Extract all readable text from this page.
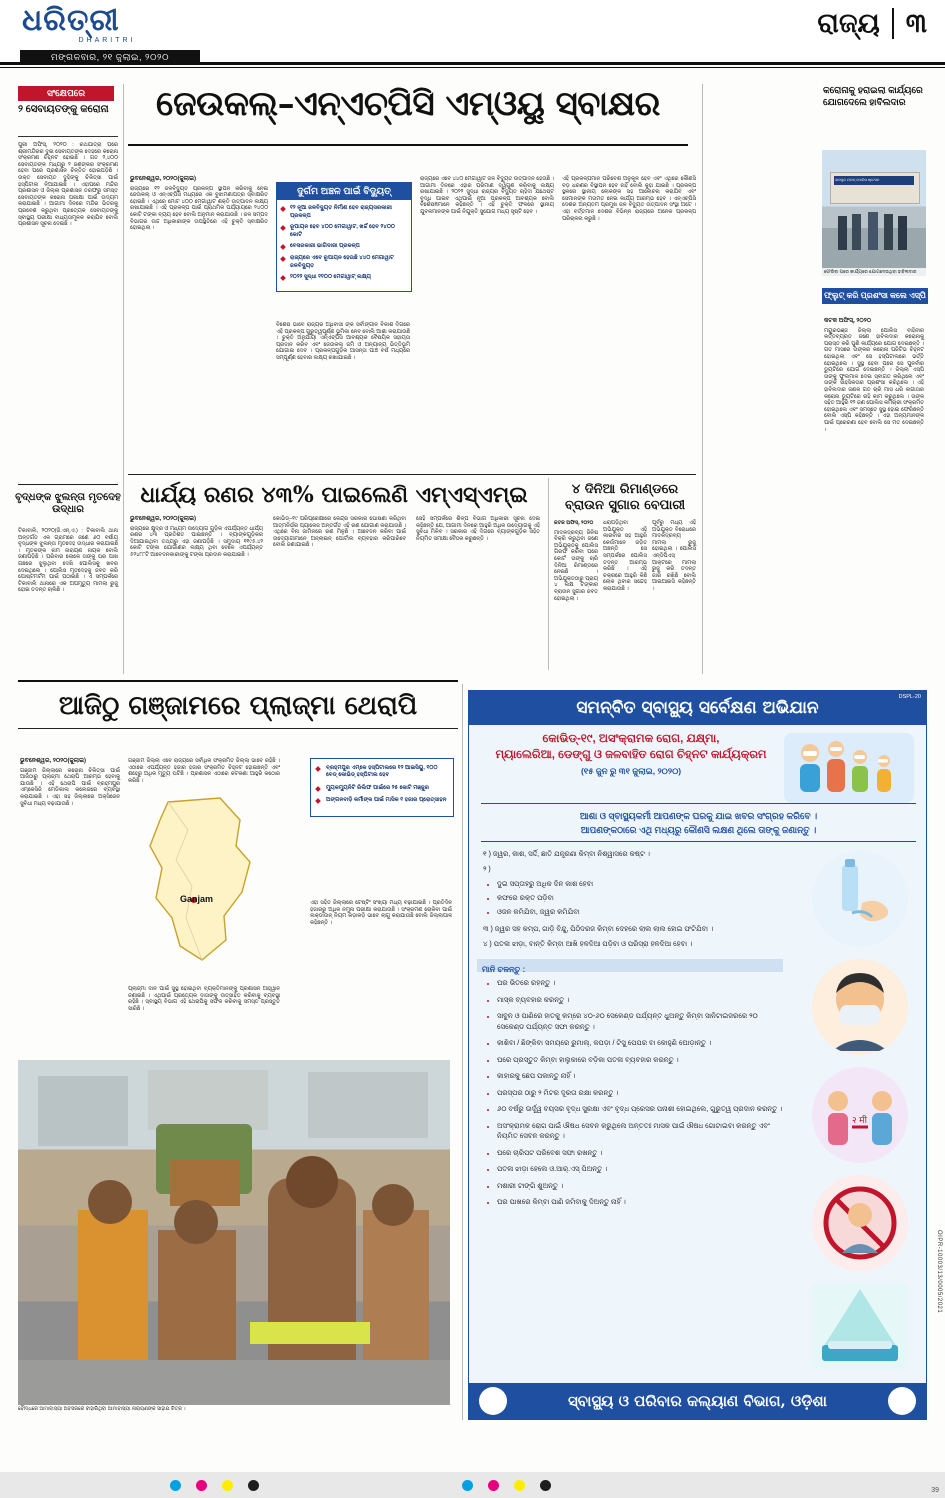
ଧରିତ୍ରୀ
DHARITRI
ମଙ୍ଗଳବାର, ୨୧ ଜୁଲାଇ, ୨୦୨୦
ରାଜ୍ୟ ୩
ସଂକ୍ଷେପରେ
୨ ସେବାୟତଙ୍କୁ କରୋନା

ପୁରୀ ଅଫିସ୍, ୨୦୨୦ : ରଥଯାତ୍ରା ପରେ ଶ୍ରୀମନ୍ଦିରର ଦୁଇ ସେବାୟତଙ୍କ ଦେହରେ କରୋନା ସଂକ୍ରମଣ ଚିହ୍ନଟ ହୋଇଛି । ଗତ ୨,୪୦୦ ସେବାୟତଙ୍କ ମଧ୍ୟରୁ ୨ ଜଣଙ୍କର ସଂକ୍ରମଣ ହେବା ପରେ ପ୍ରଶାସନ ଚିନ୍ତିତ ହୋଇପଡ଼ିଛି । ଉକ୍ତ ସେବାୟତ ଦୁହିଙ୍କୁ ଚିକିତ୍ସା ପାଇଁ ହସ୍ପିଟାଲ ନିଆଯାଇଛି । ଏହାପରେ ମନ୍ଦିର ପ୍ରଶାସନ ଓ ଜିଲ୍ଲା ପ୍ରଶାସନ ତରଫରୁ ସମସ୍ତ ସେବାୟତଙ୍କ କରୋନା ପରୀକ୍ଷା ପାଇଁ ଉଦ୍ୟମ କରାଯାଇଛି । ଆଗାମୀ ଦିନରେ ମନ୍ଦିର ଭିତରକୁ ପ୍ରବେଶ କରୁଥିବା ପ୍ରତ୍ୟେକ ସେବାୟତଙ୍କୁ ସ୍ବାସ୍ଥ୍ୟ ପରୀକ୍ଷା ବାଧ୍ୟତାମୂଳକ କରାଯିବ ବୋଲି ପ୍ରଶାସନ ସୂଚନା ଦେଇଛି ।

ବୃଦ୍ଧଙ୍କ ଝୁଲନ୍ତା ମୃତଦେହ ଉଦ୍ଧାର

ଟିକାବାଲି, ୨୦୨୦(ଜି.ଏନ୍.ଏ.) : ଟିକାବାଲି ଥାନା ଅନ୍ତର୍ଗତ ଏକ ଗ୍ରାମରେ ଜଣେ ୬୦ ବର୍ଷୀୟ ବୃଦ୍ଧଙ୍କ ଝୁଲନ୍ତା ମୃତଦେହ ଉଦ୍ଧାର କରାଯାଇଛି । ମୃତକଙ୍କ ନାମ ନାରାୟଣ ନାୟକ ବୋଲି ଜଣାପଡ଼ିଛି । ପରିବାର ଲୋକେ ତାଙ୍କୁ ଘର ପାଖ ଗଛରେ ଝୁଲୁଥିବା ଦେଖି ପୋଲିସକୁ ଖବର ଦେଇଥିଲେ । ପୋଲିସ ମୃତଦେହକୁ ଜବତ କରି ପୋଷ୍ଟମର୍ଟମ ପାଇଁ ପଠାଇଛି । ଏ ସମ୍ପର୍କରେ ଟିକାବାଲି ଥାନାରେ ଏକ ଅପମୃତ୍ୟୁ ମାମଲା ରୁଜୁ ହୋଇ ତଦନ୍ତ ଚାଲିଛି ।

ଜେଉକଲ୍‌–ଏନ୍‌ଏଚ୍‌ପିସି ଏମ୍‌ଓୟୁ ସ୍ବାକ୍ଷର
ଭୁବନେଶ୍ୱର, ୨୦୨୦(ଜୁଲାଇ)

ରାଜ୍ୟରେ ୧୨ ଜଳବିଦ୍ୟୁତ ପ୍ରକଳ୍ପ ସ୍ଥାପନ କରିବାକୁ ନେଇ ଜେଉକଲ୍ ଓ ଏନ୍‌ଏଚ୍‌ପିସି ମଧ୍ୟରେ ଏକ ବୁଝାମଣାପତ୍ର ସ୍ବାକ୍ଷରିତ ହୋଇଛି । ଏଥିରେ ମୋଟ ୪୦୦ ମେଗାୱାଟ ଶକ୍ତି ଉତ୍ପାଦନ ଲକ୍ଷ୍ୟ ରଖାଯାଇଛି । ଏହି ପ୍ରକଳ୍ପ ପାଇଁ ପ୍ରାଥମିକ ପର୍ଯ୍ୟାୟରେ ୨୪୦୦ କୋଟି ଟଙ୍କା ବ୍ୟୟ ହେବ ବୋଲି ଅନୁମାନ କରାଯାଉଛି । ଜଳ ସମ୍ପଦ ବିଭାଗର ଉଚ୍ଚ ଅଧିକାରୀଙ୍କ ଉପସ୍ଥିତିରେ ଏହି ଚୁକ୍ତି ସ୍ବାକ୍ଷରିତ ହୋଇଥିଲା ।

ବିଶେଷ ଭାବେ ରାଜ୍ୟର ଅଧିବାସୀ ଙ୍କ ସର୍ବାଙ୍ଗୀନ ବିକାଶ ଦିଗରେ ଏହି ପ୍ରକଳ୍ପ ଗୁରୁତ୍ୱପୂର୍ଣ୍ଣ ଭୂମିକା ନେବ ବୋଲି ଆଶା କରାଯାଉଛି । ଚୁକ୍ତି ଅନୁଯାୟୀ ଏନ୍‌ଏଚ୍‌ପିସି ଆବଶ୍ୟକ ବୈଷୟିକ ସହାୟତା ପ୍ରଦାନ କରିବ ଏବଂ ଜେଉକଲ୍ ଜମି ଓ ଅନ୍ୟାନ୍ୟ ଭିତ୍ତିଭୂମି ଯୋଗାଇ ଦେବ । ପ୍ରକଳ୍ପଗୁଡ଼ିକ ଆସନ୍ତା ପାଞ୍ଚ ବର୍ଷ ମଧ୍ୟରେ ସମ୍ପୂର୍ଣ୍ଣ ହେବାର ଲକ୍ଷ୍ୟ ରଖାଯାଇଛି ।

ରାଜ୍ୟରେ ଏବେ ୪୪୦ ମେଗାୱାଟ ଜଳ ବିଦ୍ୟୁତ ଉତ୍ପାଦନ ହେଉଛି । ଆଗାମୀ ଦିନରେ ଏହାର ପରିମାଣ ଦ୍ୱିଗୁଣ କରିବାକୁ ଲକ୍ଷ୍ୟ ରଖାଯାଇଛି । ୨୦୨୨ ସୁଦ୍ଧା ରାଜ୍ୟର ବିଦ୍ୟୁତ ଚାହିଦା ଯଥେଷ୍ଟ ବୃଦ୍ଧି ପାଇବ ଏଥିପାଇଁ ନୂଆ ପ୍ରକଳ୍ପ ଆବଶ୍ୟକ ବୋଲି ବିଶେଷଜ୍ଞମାନେ କହିଛନ୍ତି । ଏହି ଚୁକ୍ତି ଫଳରେ ସ୍ଥାନୀୟ ଯୁବକମାନଙ୍କ ପାଇଁ ନିଯୁକ୍ତି ସୁଯୋଗ ମଧ୍ୟ ସୃଷ୍ଟି ହେବ ।

ଏହି ପ୍ରକଳ୍ପମାନ ପରିବେଶ ଅନୁକୂଳ ହେବ ଏବଂ ଏଥିରେ କୌଣସି ବଡ଼ ଧରଣର ବିସ୍ଥାପନ ହେବ ନାହିଁ ବୋଲି କୁହା ଯାଇଛି । ପ୍ରକଳ୍ପ ସ୍ଥଳରେ ସ୍ଥାନୀୟ ଲୋକଙ୍କ ସହ ଆଲୋଚନା କରାଯିବ ଏବଂ ସେମାନଙ୍କ ମତାମତ ନେଇ କାର୍ଯ୍ୟ ଆରମ୍ଭ ହେବ । ଏନ୍‌ଏଚ୍‌ପିସି ଦେଶର ଅନ୍ୟତମ ପ୍ରମୁଖ ଜଳ ବିଦ୍ୟୁତ ଉତ୍ପାଦନ ସଂସ୍ଥା ଅଟେ । ଏହା ବର୍ତ୍ତମାନ ଦେଶର ବିଭିନ୍ନ ରାଜ୍ୟରେ ଅନେକ ପ୍ରକଳ୍ପ ପରିଚାଳନା କରୁଛି ।

ଦୁର୍ଗମ ଅଞ୍ଚଳ ପାଇଁ ବିଦ୍ୟୁତ୍
୧୨ ନୂଆ ଜଳବିଦ୍ୟୁତ ନିର୍ମାଣ ହେବ ରାଜ୍ୟସରକାରୀ ପ୍ରକଳ୍ପ
ରୂପାୟନ ହେବ ୪୦୦ ମେଗାୱାଟ, ଖର୍ଚ୍ଚ ହେବ ୨୪୦୦ କୋଟି
ବେସରକାରୀ ଭାଗିଦାରୀ ପ୍ରକଳ୍ପ
ରାଜ୍ୟରେ ଏବେ ରୂପାୟନ ହେଉଛି ୪୪୦ ମେଗାୱାଟ ଜଳବିଦ୍ୟୁତ
୨୦୨୨ ସୁଦ୍ଧା ୧୧୦୦ ମେଗାୱାଟ୍ ଲକ୍ଷ୍ୟ
କରୋନାକୁ ହରାଇଲା କାର୍ଯ୍ୟରେ ଯୋଗଦେଲେ ହାବିଲଦାର
ଜାଜପୁର ଟାଉନ୍ ପୋଲିସ ଷ୍ଟେସନ
ଫେରିବା ପରେ କାର୍ଯ୍ୟରେ ଯୋଗଦେଉଥିବା ହାବିଲଦାର
ଫ୍ଲୁଟ୍ କରି ପ୍ରଶଂସା କଲେ ଏସ୍‌ପି
କଟକ ଅଫିସ୍, ୨୦୨୦

ମୟୁରଭଞ୍ଜ ଜିଲ୍ଲା ପୋଲିସ ବାହିନୀର କର୍ତ୍ତବ୍ୟରତ ଜଣେ ହାବିଲଦାର କରୋନାକୁ ପରାସ୍ତ କରି ପୁଣି କାର୍ଯ୍ୟରେ ଯୋଗ ଦେଇଛନ୍ତି । ଗତ ମାସରେ ତାଙ୍କର କରୋନା ପଜିଟିଭ ଚିହ୍ନଟ ହୋଇଥିଲା ଏବଂ ସେ ହସ୍ପିଟାଲରେ ଭର୍ତ୍ତି ହୋଇଥିଲେ । ସୁସ୍ଥ ହେବା ପରେ ସେ ପୁନର୍ବାର ଡ୍ୟୁଟିରେ ଯୋଗ ଦେଇଛନ୍ତି । ଜିଲ୍ଲା ଏସ୍‌ପି ତାଙ୍କୁ ଫୁଲମାଳ ଦେଇ ସ୍ବାଗତ କରିଥିଲେ ଏବଂ ତାଙ୍କ ସାହସିକତାର ପ୍ରଶଂସା କରିଥିଲେ । ଏହି ହାବିଲଦାର ଜଣକ ଗତ ଚାରି ମାସ ଧରି ଲଗାତାର କରୋନା ଡ୍ୟୁଟିରେ ରହି କାମ କରୁଥିଲେ । ତାଙ୍କ ସହିତ ଆହୁରି ୧୨ ଜଣ ପୋଲିସ କର୍ମଚାରୀ ସଂକ୍ରମିତ ହୋଇଥିଲେ ଏବଂ ସମସ୍ତେ ସୁସ୍ଥ ହୋଇ ଫେରିଛନ୍ତି ବୋଲି ଏସ୍‌ପି କହିଛନ୍ତି । ଏହା ଅନ୍ୟମାନଙ୍କ ପାଇଁ ପ୍ରେରଣା ହେବ ବୋଲି ସେ ମତ ଦେଇଛନ୍ତି ।

ଧାର୍ଯ୍ୟ ରଣର ୪୩% ପାଇଲେଣି ଏମ୍‌ଏସ୍‌ଏମ୍‌ଇ
ଭୁବନେଶ୍ୱର, ୨୦୨୦(ଜୁଲାଇ)

ରାଜ୍ୟରେ କ୍ଷୁଦ୍ର ଓ ମଧ୍ୟମ ଉଦ୍ୟୋଗ ଗୁଡ଼ିକ ଏପର୍ଯ୍ୟନ୍ତ ଧାର୍ଯ୍ୟ ରଣର ୪୩ ପ୍ରତିଶତ ପାଇଛନ୍ତି । ବ୍ୟାଙ୍କଗୁଡ଼ିକର ଦିଆଯାଇଥିବା ତଥ୍ୟରୁ ଏହା ଜଣାପଡ଼ିଛି । ସମୁଦାୟ ୧୧୯୫.୪୨ କୋଟି ଟଙ୍କା ଯୋଗାଣର ଲକ୍ଷ୍ୟ ଥିବା ବେଳେ ଏପର୍ଯ୍ୟନ୍ତ ୫୨୪୮୮ଟି ଆବେଦନକାରୀଙ୍କୁ ଟଙ୍କା ପ୍ରଦାନ କରାଯାଇଛି ।

କୋଭିଡ୍–୧୯ ପରିପ୍ରେକ୍ଷୀରେ କେନ୍ଦ୍ର ସରକାର ଘୋଷଣା କରିଥିବା ଆତ୍ମନିର୍ଭର ପ୍ୟାକେଜ ଅନ୍ତର୍ଗତ ଏହି ରଣ ଯୋଗାଣ କରାଯାଉଛି । ଏଥିରେ ବିନା ଜାମିନରେ ରଣ ମିଳୁଛି । ଆବେଦନ କରିବା ପାଇଁ ଉଦ୍ୟୋଗୀମାନେ ଅନ୍‌ଲାଇନ୍ ପୋର୍ଟାଲ ବ୍ୟବହାର କରିପାରିବେ ବୋଲି ଜଣାଯାଇଛି ।

ସେହି ସମ୍ପର୍କରେ ଶିଳ୍ପ ବିଭାଗ ଅଧିକାରୀ ସୂଚନା ଦେଇ କହିଛନ୍ତି ଯେ, ଆଗାମୀ ଦିନରେ ଆହୁରି ଅଧିକ ଉଦ୍ୟୋଗକୁ ଏହି ସୁବିଧା ମିଳିବ । ସରକାର ଏହି ଦିଗରେ ବ୍ୟାଙ୍କଗୁଡ଼ିକ ସହିତ ନିୟମିତ ସମୀକ୍ଷା ବୈଠକ କରୁଛନ୍ତି ।

୪ ଦିନିଆ ରିମାଣ୍ଡରେ ବ୍ରାଉନ ସୁଗାର ବେପାରୀ
କଟକ ଅଫିସ୍, ୨୦୨୦

ମାଦକଦ୍ରବ୍ୟ ଜିନିଷ ବିକ୍ରି କରୁଥିବା ଜଣେ ଅଭିଯୁକ୍ତକୁ ପୋଲିସ ଗିରଫ କରିବା ପରେ କୋର୍ଟ ତାଙ୍କୁ ଚାରି ଦିନିଆ ରିମାଣ୍ଡରେ ନେଇଛି । ଅଭିଯୁକ୍ତଠାରୁ ପ୍ରାୟ ୪ ଲକ୍ଷ ଟଙ୍କାର ବ୍ରାଉନ ସୁଗାର ଜବତ ହୋଇଥିଲା ।

ଧରାପଡ଼ିଥିବା ଅଭିଯୁକ୍ତ ଏହି କାରବାର ସହ ଆହୁରି କେଉଁମାନେ ଜଡ଼ିତ ଅଛନ୍ତି ସେ ସମ୍ପର୍କରେ ପୋଲିସ ତଦନ୍ତ ଆରମ୍ଭ କରିଛି । ଏହି ଚକ୍ରରେ ଆହୁରି କିଛି ଲୋକ ଥିବାର ସନ୍ଦେହ କରାଯାଉଛି ।

ପୂର୍ବରୁ ମଧ୍ୟ ଏହି ଅଭିଯୁକ୍ତ ବିରୋଧରେ ମାଦକଦ୍ରବ୍ୟ ମାମଲା ରୁଜୁ ହୋଇଥିଲା । ପୋଲିସ ଏନ୍‌ଡିପିଏସ୍ ଆକ୍ଟରେ ମାମଲା ରୁଜୁ କରି ତଦନ୍ତ ଜାରି ରଖିଛି ବୋଲି ଆଇଆଇସି କହିଛନ୍ତି ।

ଆଜିଠୁ ଗଞ୍ଜାମରେ ପ୍ଲାଜ୍ମା ଥେରାପି
ଭୁବନେଶ୍ୱର, ୨୦୨୦(ଜୁଲାଇ)

ଗଞ୍ଜାମ ଜିଲ୍ଲାରେ କରୋନା ଚିକିତ୍ସା ପାଇଁ ଆଜିଠାରୁ ପ୍ଲାଜ୍ମା ଥେରାପି ଆରମ୍ଭ ହେବାକୁ ଯାଉଛି । ଏହି ଥେରାପି ପାଇଁ ବ୍ରହ୍ମପୁର ଏମ୍‌କେସିଜି ମେଡିକାଲ କଲେଜରେ ବ୍ୟବସ୍ଥା କରାଯାଇଛି । ଏହା ସହ ଜିଲ୍ଲାରେ ଅକ୍ସିଜେନ ସୁବିଧା ମଧ୍ୟ ବଢ଼ାଯାଉଛି ।

ଗଞ୍ଜାମ ଜିଲ୍ଲା ଏବେ ରାଜ୍ୟରେ ସର୍ବାଧିକ ସଂକ୍ରମିତ ଜିଲ୍ଲା ଭାବେ ରହିଛି । ଏଠାରେ ଏପର୍ଯ୍ୟନ୍ତ ହଜାର ହଜାର ସଂକ୍ରମିତ ଚିହ୍ନଟ ହୋଇଛନ୍ତି ଏବଂ ଶହେରୁ ଅଧିକ ମୃତ୍ୟୁ ଘଟିଛି । ପ୍ରଶାସନ ଏଠାରେ କଟକଣା ଆହୁରି କଠୋର କରିଛି ।

Ganjam

ପ୍ଲାଜ୍ମା ଦାନ ପାଇଁ ସୁସ୍ଥ ହୋଇଥିବା ବ୍ୟକ୍ତିମାନଙ୍କୁ ପ୍ରଶାସନ ଆହ୍ୱାନ ଜଣାଇଛି । ଏଥିପାଇଁ ପ୍ରତ୍ୟେକ ଦାତାଙ୍କୁ ଉତ୍ସାହିତ କରିବାକୁ ବ୍ୟବସ୍ଥା ରହିଛି । ସ୍ବାସ୍ଥ୍ୟ ବିଭାଗ ଏହି ଥେରାପିକୁ ସଫଳ କରିବାକୁ ସମସ୍ତ ପ୍ରସ୍ତୁତି ସାରିଛି ।

ଏହା ସହିତ ଜିଲ୍ଲାରେ ଟେଷ୍ଟିଂ ସଂଖ୍ୟା ମଧ୍ୟ ବଢ଼ାଯାଇଛି । ପ୍ରତିଦିନ ହଜାରରୁ ଅଧିକ ନମୁନା ପରୀକ୍ଷା କରାଯାଉଛି । ସଂକ୍ରମଣ ରୋକିବା ପାଇଁ ଲକ୍‌ଡାଉନ୍ ନିୟମ କଡ଼ାକଡ଼ି ଭାବେ ଲାଗୁ କରାଯାଉଛି ବୋଲି ଜିଲ୍ଲାପାଳ କହିଛନ୍ତି ।

ବ୍ରହ୍ମପୁର ଏମ୍‌କେ ହସ୍ପିଟାଲରେ ୧୨ ଆଇସିୟୁ, ୧୦୦ ବେଡ୍ କୋଭିଡ୍ ହସ୍ପିଟାଲ ହେବ
ମ୍ୟୁକମ୍ୟୁନିଟି ରିଲିଫ ପାଇଁରେ ୨୫ କୋଟି ମଞ୍ଜୁର
ଅଙ୍ଗନବାଡ଼ି କର୍ମୀଙ୍କ ପାଇଁ ମାସିକ ୧ ହଜାର ପ୍ରୋତ୍ସାହନ
ବୌଦ୍ଧରେ ଆମାବାସ୍ୟା ଅବସରରେ ବାହାରିଥିବା ଆମାବାସ୍ୟା ନାରାୟଣଙ୍କ ସାହାଯ ଚିତ୍ର ।
ସମନ୍ବିତ ସ୍ବାସ୍ଥ୍ୟ ସର୍ବେକ୍ଷଣ ଅଭିଯାନ
DSPL-20
କୋଭିଡ୍-୧୯, ଅସଂକ୍ରାମକ ରୋଗ, ଯକ୍ଷ୍ମା,
ମ୍ୟାଲେରିଆ, ଡେଙ୍ଗୁ ଓ ଜଳବାହିତ ରୋଗ ଚିହ୍ନଟ କାର୍ଯ୍ୟକ୍ରମ
(୧୫ ଜୁନ ରୁ ୩୧ ଜୁଲାଇ, ୨୦୨୦)
ଆଶା ଓ ସ୍ବାସ୍ଥ୍ୟକର୍ମୀ ଆପଣଙ୍କ ଘରକୁ ଯାଇ ଖବର ସଂଗ୍ରହ କରିବେ ।
ଆପଣଙ୍କଠାରେ ଏଥି ମଧ୍ୟରୁ କୌଣସି ଲକ୍ଷଣ ଥିଲେ ତାଙ୍କୁ ଜଣାନ୍ତୁ ।

୧ ) ଜ୍ୱର, କାଶ, ସର୍ଦ୍ଦି, ଛାତି ଯନ୍ତ୍ରଣା କିମ୍ବା ନିଶ୍ୱାସରେ କଷ୍ଟ ।

୨ )

• ଦୁଇ ସପ୍ତାହରୁ ଅଧିକ ଦିନ କାଶ ହେବା
• କଫରେ ରକ୍ତ ପଡ଼ିବା
• ଓଜନ କମିଯିବା, ଜ୍ୱର କମିଯିବା

୩ ) ଜ୍ୱର ସହ କମ୍ପ, ଗାଡ଼ି ବିନ୍ଦୁ, ପିଠିଦରଜ କିମ୍ବା ଦେହରେ ଲାଲ ଲାଲ ହୋଇ ଫଟିଯିବା ।

୪ ) ପତଳା ଝାଡ଼ା, ବାନ୍ତି କିମ୍ବା ଆଖି ହଳଦିଆ ପଡ଼ିବା ଓ ପରିସ୍ରା ହଳଦିଆ ହେବା ।

ମାନି ଚଳନ୍ତୁ :
• ଘର ଭିତରେ ରହନ୍ତୁ ।
• ମାସ୍କ ବ୍ୟବହାର କରନ୍ତୁ ।
• ସାବୁନ ଓ ପାଣିରେ ହାତକୁ କମ୍‌ରେ ୪୦-୬୦ ସେକେଣ୍ଡ ପର୍ଯ୍ୟନ୍ତ ଧୁଅନ୍ତୁ କିମ୍ବା ସାନିଟାଇଜରରେ ୨୦ ସେକେଣ୍ଡ ପର୍ଯ୍ୟନ୍ତ ସଫା କରନ୍ତୁ ।
• କାଶିବା / ଛିଙ୍କିବା ସମୟରେ ରୁମାଲ୍, କପଡ଼ା / ଟିସୁ ପେପର ବା କୋହୁଣି ଘୋଡ଼ାନ୍ତୁ ।
• ଘରେ ପ୍ରସ୍ତୁତ କିମ୍ବା ହାଲୁକାରେ ବଡ଼ିକା ପତଳା ବ୍ୟବହାର କରନ୍ତୁ ।
• କାହାରକୁ ଛେପ ପକାନ୍ତୁ ନାହିଁ ।
• ପରସ୍ପର ଠାରୁ ୨ ମିଟର ଦୂରତା ରକ୍ଷା କରନ୍ତୁ ।
• ୬୦ ବର୍ଷରୁ ଊର୍ଦ୍ଧ୍ୱ ବୟସର ବୃଦ୍ଧ ସୁରକ୍ଷା ଏବଂ ବୃଦ୍ଧ ପ୍ରେସର ପନାଶୀ ହୋଇଥିଲେ, ଗୁରୁତ୍ୱ ପ୍ରଦାନ କରନ୍ତୁ ।
• ଅସଂକ୍ରାମକ ରୋଗ ପାଇଁ ଔଷଧ ସେବନ କରୁଥିଲେ ଅନ୍ତତଃ ମାସକ ପାଇଁ ଔଷଧ ଗୋଟାଇବା କରନ୍ତୁ ଏବଂ ନିୟମିତ ସେବନ କରନ୍ତୁ ।
• ଘରେ ଚାରିପଟ ପରିବେଶ ସଫା ରଖନ୍ତୁ ।
• ପତଳା ଝାଡ଼ା ହେଲେ ଓ.ଆର୍.ଏସ୍ ପିଅନ୍ତୁ ।
• ମଶାରୀ ଟାଙ୍ଗି ଶୁଅନ୍ତୁ ।
• ଘର ପାଖରେ କିମ୍ବା ପାଣି ଜମିବାକୁ ଦିଅନ୍ତୁ ନାହିଁ ।
२ मी
ସ୍ବାସ୍ଥ୍ୟ ଓ ପରିବାର କଲ୍ୟାଣ ବିଭାଗ, ଓଡ଼ିଶା
OIPR-10003/13/0005/2021
39
